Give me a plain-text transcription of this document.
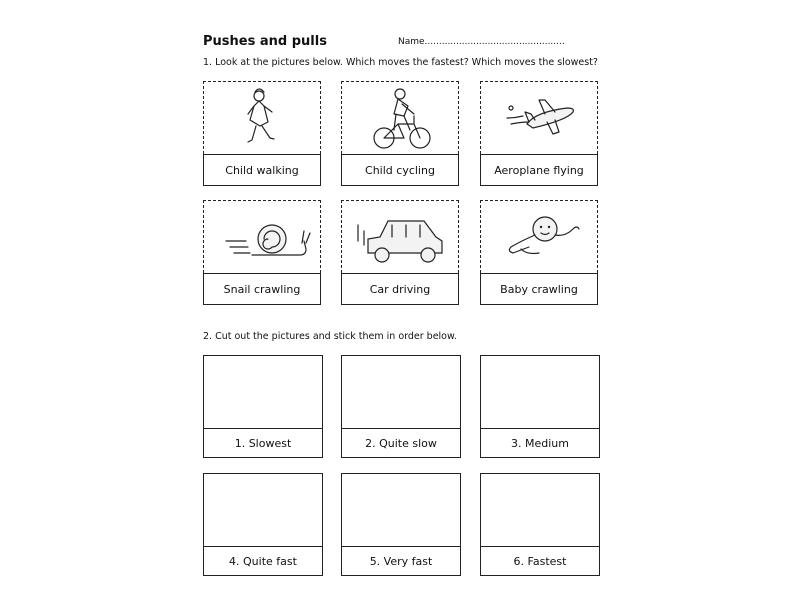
Pushes and pulls	Name.................................................
1. Look at the pictures below. Which moves the fastest? Which moves the slowest?
Child walking	Child cycling	Aeroplane flying
Snail crawling	Car driving	Baby crawling
2. Cut out the pictures and stick them in order below.
1. Slowest	2. Quite slow	3. Medium
4. Quite fast	5. Very fast	6. Fastest
